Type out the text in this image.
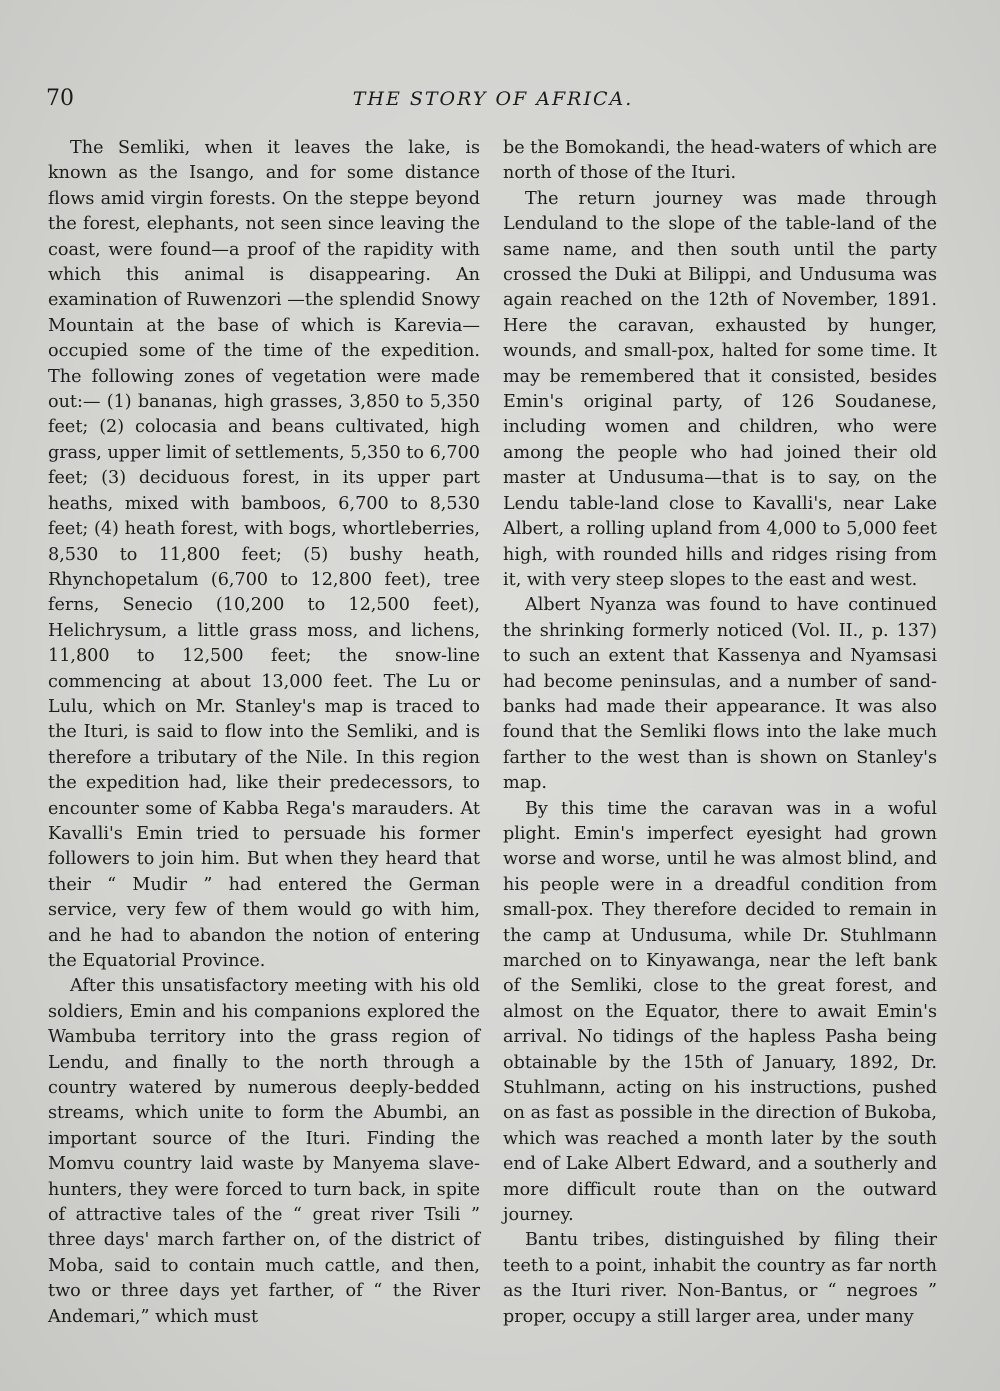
70	THE STORY OF AFRICA.

The Semliki, when it leaves the lake, is known as the Isango, and for some distance flows amid virgin forests. On the steppe beyond the forest, elephants, not seen since leaving the coast, were found—a proof of the rapidity with which this animal is disappearing. An examination of Ruwenzori —the splendid Snowy Mountain at the base of which is Karevia—occupied some of the time of the expedition. The following zones of vegetation were made out:— (1) bananas, high grasses, 3,850 to 5,350 feet; (2) colocasia and beans cultivated, high grass, upper limit of settlements, 5,350 to 6,700 feet; (3) deciduous forest, in its upper part heaths, mixed with bamboos, 6,700 to 8,530 feet; (4) heath forest, with bogs, whortleberries, 8,530 to 11,800 feet; (5) bushy heath, Rhynchopetalum (6,700 to 12,800 feet), tree ferns, Senecio (10,200 to 12,500 feet), Helichrysum, a little grass moss, and lichens, 11,800 to 12,500 feet; the snow-line commencing at about 13,000 feet. The Lu or Lulu, which on Mr. Stanley's map is traced to the Ituri, is said to flow into the Semliki, and is therefore a tributary of the Nile. In this region the expedition had, like their predecessors, to encounter some of Kabba Rega's marauders. At Kavalli's Emin tried to persuade his former followers to join him. But when they heard that their “ Mudir ” had entered the German service, very few of them would go with him, and he had to abandon the notion of entering the Equatorial Province.

After this unsatisfactory meeting with his old soldiers, Emin and his companions explored the Wambuba territory into the grass region of Lendu, and finally to the north through a country watered by numerous deeply-bedded streams, which unite to form the Abumbi, an important source of the Ituri. Finding the Momvu country laid waste by Manyema slave-hunters, they were forced to turn back, in spite of attractive tales of the “ great river Tsili ” three days' march farther on, of the district of Moba, said to contain much cattle, and then, two or three days yet farther, of “ the River Andemari,” which must

be the Bomokandi, the head-waters of which are north of those of the Ituri.

The return journey was made through Lenduland to the slope of the table-land of the same name, and then south until the party crossed the Duki at Bilippi, and Undusuma was again reached on the 12th of November, 1891. Here the caravan, exhausted by hunger, wounds, and small-pox, halted for some time. It may be remembered that it consisted, besides Emin's original party, of 126 Soudanese, including women and children, who were among the people who had joined their old master at Undusuma—that is to say, on the Lendu table-land close to Kavalli's, near Lake Albert, a rolling upland from 4,000 to 5,000 feet high, with rounded hills and ridges rising from it, with very steep slopes to the east and west.

Albert Nyanza was found to have continued the shrinking formerly noticed (Vol. II., p. 137) to such an extent that Kassenya and Nyamsasi had become peninsulas, and a number of sand-banks had made their appearance. It was also found that the Semliki flows into the lake much farther to the west than is shown on Stanley's map.

By this time the caravan was in a woful plight. Emin's imperfect eyesight had grown worse and worse, until he was almost blind, and his people were in a dreadful condition from small-pox. They therefore decided to remain in the camp at Undusuma, while Dr. Stuhlmann marched on to Kinyawanga, near the left bank of the Semliki, close to the great forest, and almost on the Equator, there to await Emin's arrival. No tidings of the hapless Pasha being obtainable by the 15th of January, 1892, Dr. Stuhlmann, acting on his instructions, pushed on as fast as possible in the direction of Bukoba, which was reached a month later by the south end of Lake Albert Edward, and a southerly and more difficult route than on the outward journey.

Bantu tribes, distinguished by filing their teeth to a point, inhabit the country as far north as the Ituri river. Non-Bantus, or “ negroes ” proper, occupy a still larger area, under many
